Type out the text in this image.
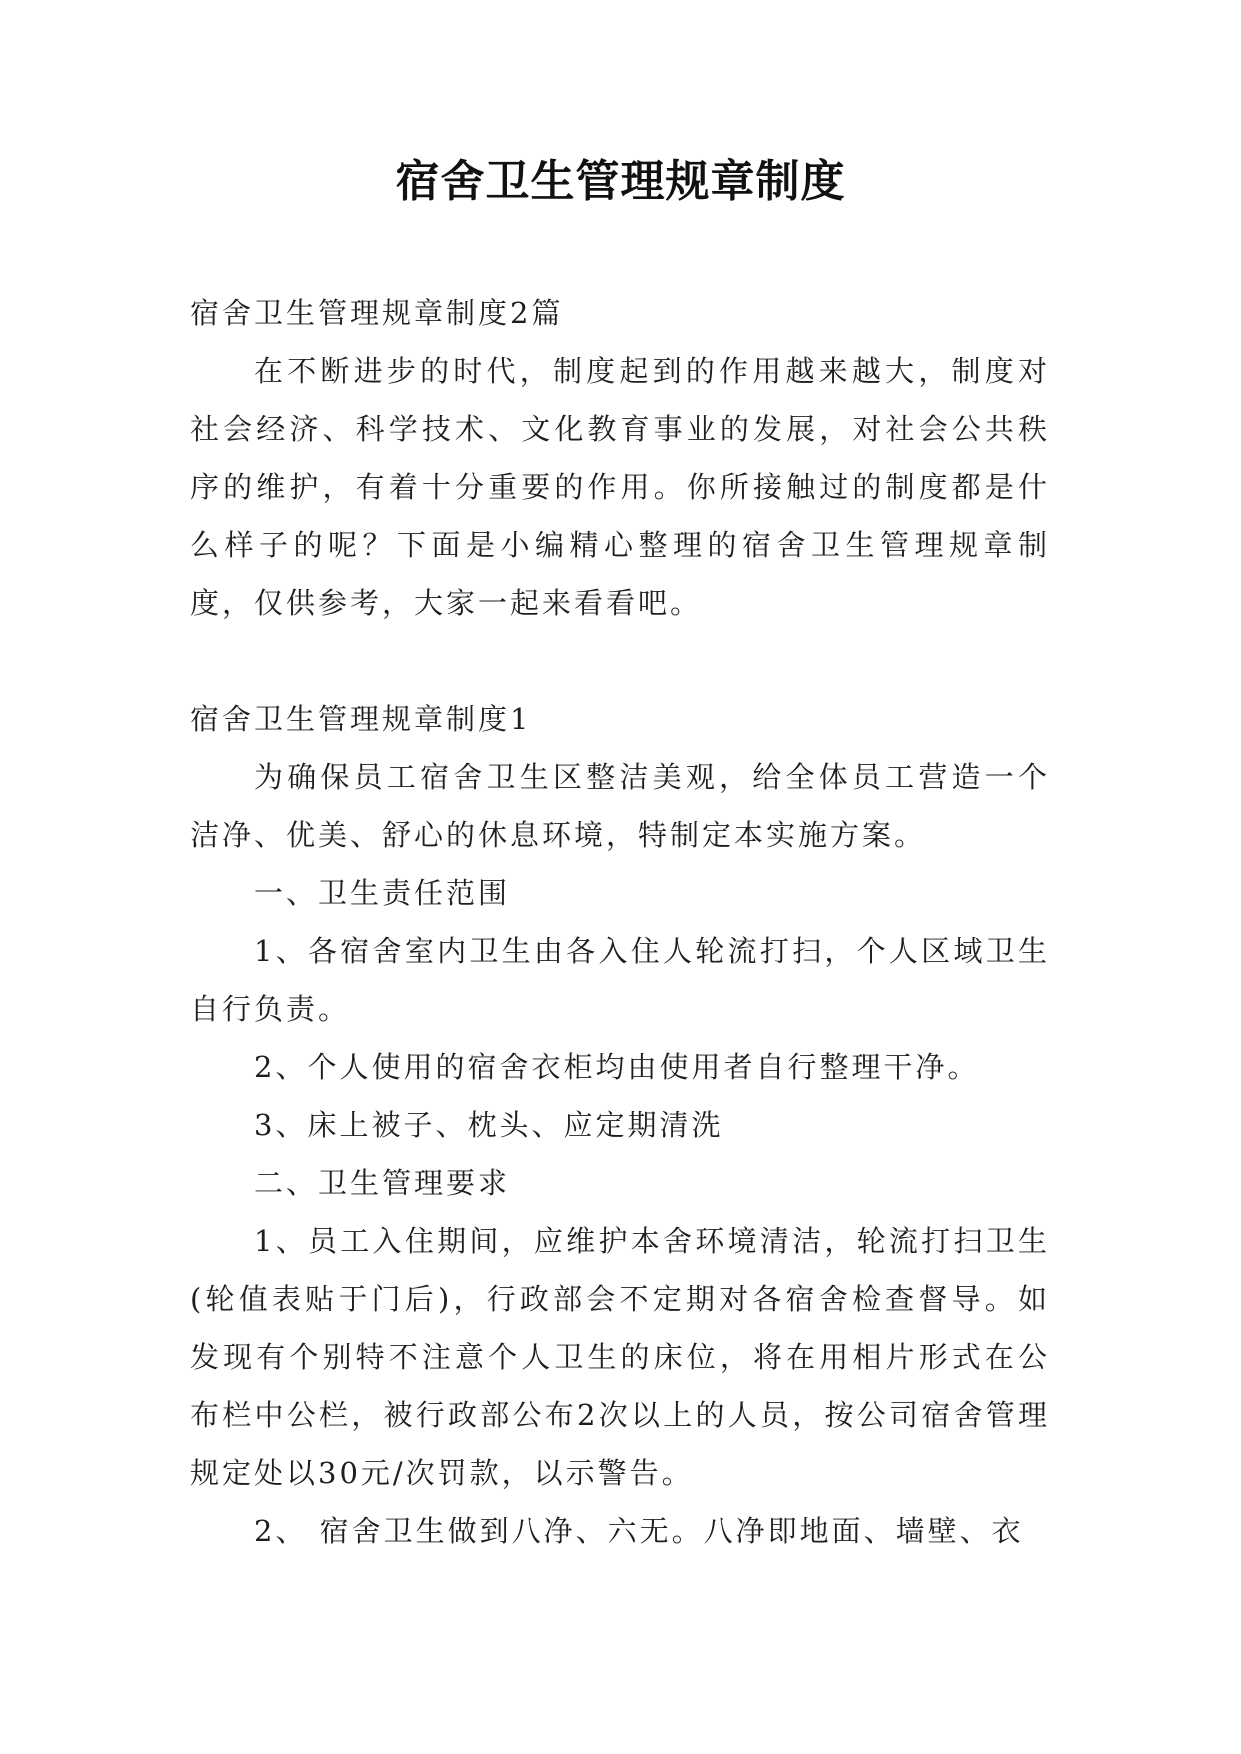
宿舍卫生管理规章制度

宿舍卫生管理规章制度2篇

在不断进步的时代，制度起到的作用越来越大，制度对社会经济、科学技术、文化教育事业的发展，对社会公共秩序的维护，有着十分重要的作用。你所接触过的制度都是什么样子的呢？下面是小编精心整理的宿舍卫生管理规章制度，仅供参考，大家一起来看看吧。

宿舍卫生管理规章制度1

为确保员工宿舍卫生区整洁美观，给全体员工营造一个洁净、优美、舒心的休息环境，特制定本实施方案。

一、卫生责任范围

1、各宿舍室内卫生由各入住人轮流打扫，个人区域卫生自行负责。

2、个人使用的宿舍衣柜均由使用者自行整理干净。

3、床上被子、枕头、应定期清洗

二、卫生管理要求

1、员工入住期间，应维护本舍环境清洁，轮流打扫卫生(轮值表贴于门后)，行政部会不定期对各宿舍检查督导。如发现有个别特不注意个人卫生的床位，将在用相片形式在公布栏中公栏，被行政部公布2次以上的人员，按公司宿舍管理规定处以30元/次罚款，以示警告。

2、 宿舍卫生做到八净、六无。八净即地面、墙壁、衣
